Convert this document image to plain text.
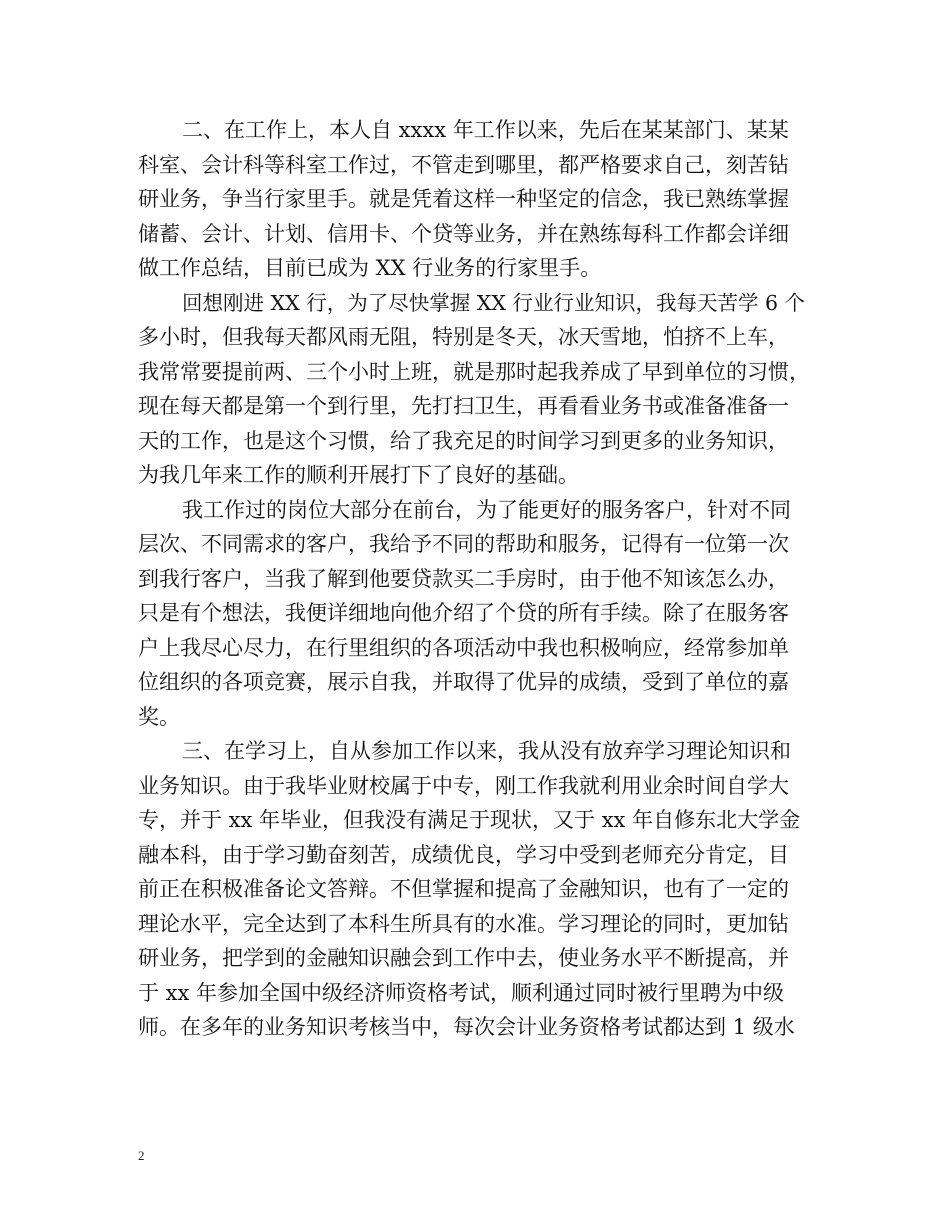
二、在工作上，本人自 xxxx 年工作以来，先后在某某部门、某某
科室、会计科等科室工作过，不管走到哪里，都严格要求自己，刻苦钻
研业务，争当行家里手。就是凭着这样一种坚定的信念，我已熟练掌握
储蓄、会计、计划、信用卡、个贷等业务，并在熟练每科工作都会详细
做工作总结，目前已成为 XX 行业务的行家里手。
回想刚进 XX 行，为了尽快掌握 XX 行业行业知识，我每天苦学 6 个
多小时，但我每天都风雨无阻，特别是冬天，冰天雪地，怕挤不上车，
我常常要提前两、三个小时上班，就是那时起我养成了早到单位的习惯，
现在每天都是第一个到行里，先打扫卫生，再看看业务书或准备准备一
天的工作，也是这个习惯，给了我充足的时间学习到更多的业务知识，
为我几年来工作的顺利开展打下了良好的基础。
我工作过的岗位大部分在前台，为了能更好的服务客户，针对不同
层次、不同需求的客户，我给予不同的帮助和服务，记得有一位第一次
到我行客户，当我了解到他要贷款买二手房时，由于他不知该怎么办，
只是有个想法，我便详细地向他介绍了个贷的所有手续。除了在服务客
户上我尽心尽力，在行里组织的各项活动中我也积极响应，经常参加单
位组织的各项竞赛，展示自我，并取得了优异的成绩，受到了单位的嘉
奖。
三、在学习上，自从参加工作以来，我从没有放弃学习理论知识和
业务知识。由于我毕业财校属于中专，刚工作我就利用业余时间自学大
专，并于 xx 年毕业，但我没有满足于现状，又于 xx 年自修东北大学金
融本科，由于学习勤奋刻苦，成绩优良，学习中受到老师充分肯定，目
前正在积极准备论文答辩。不但掌握和提高了金融知识，也有了一定的
理论水平，完全达到了本科生所具有的水准。学习理论的同时，更加钻
研业务，把学到的金融知识融会到工作中去，使业务水平不断提高，并
于 xx 年参加全国中级经济师资格考试，顺利通过同时被行里聘为中级
师。在多年的业务知识考核当中，每次会计业务资格考试都达到 1 级水
2
